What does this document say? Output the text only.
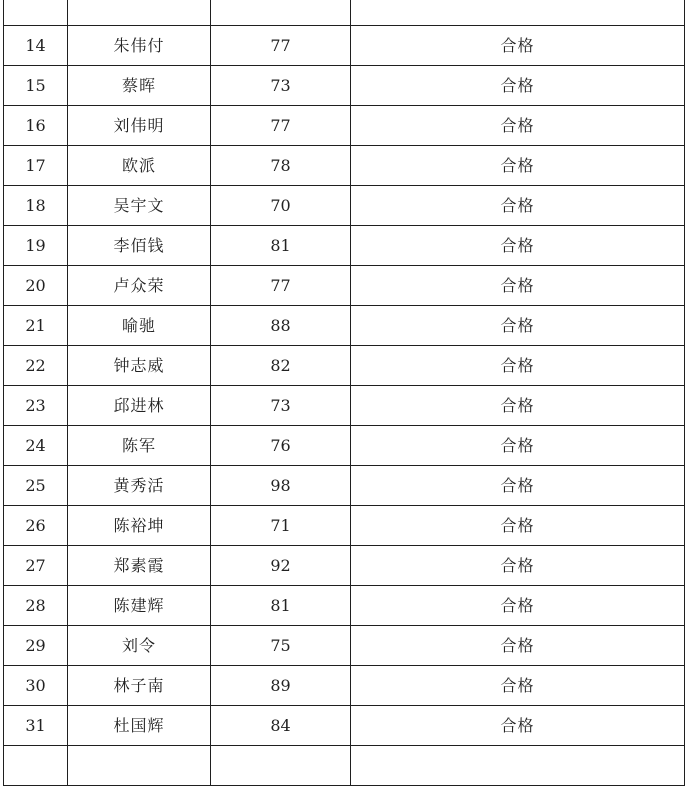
14	朱伟付	77	合格
15	蔡晖	73	合格
16	刘伟明	77	合格
17	欧派	78	合格
18	吴宇文	70	合格
19	李佰钱	81	合格
20	卢众荣	77	合格
21	喻驰	88	合格
22	钟志威	82	合格
23	邱进林	73	合格
24	陈军	76	合格
25	黄秀活	98	合格
26	陈裕坤	71	合格
27	郑素霞	92	合格
28	陈建辉	81	合格
29	刘令	75	合格
30	林子南	89	合格
31	杜国辉	84	合格
